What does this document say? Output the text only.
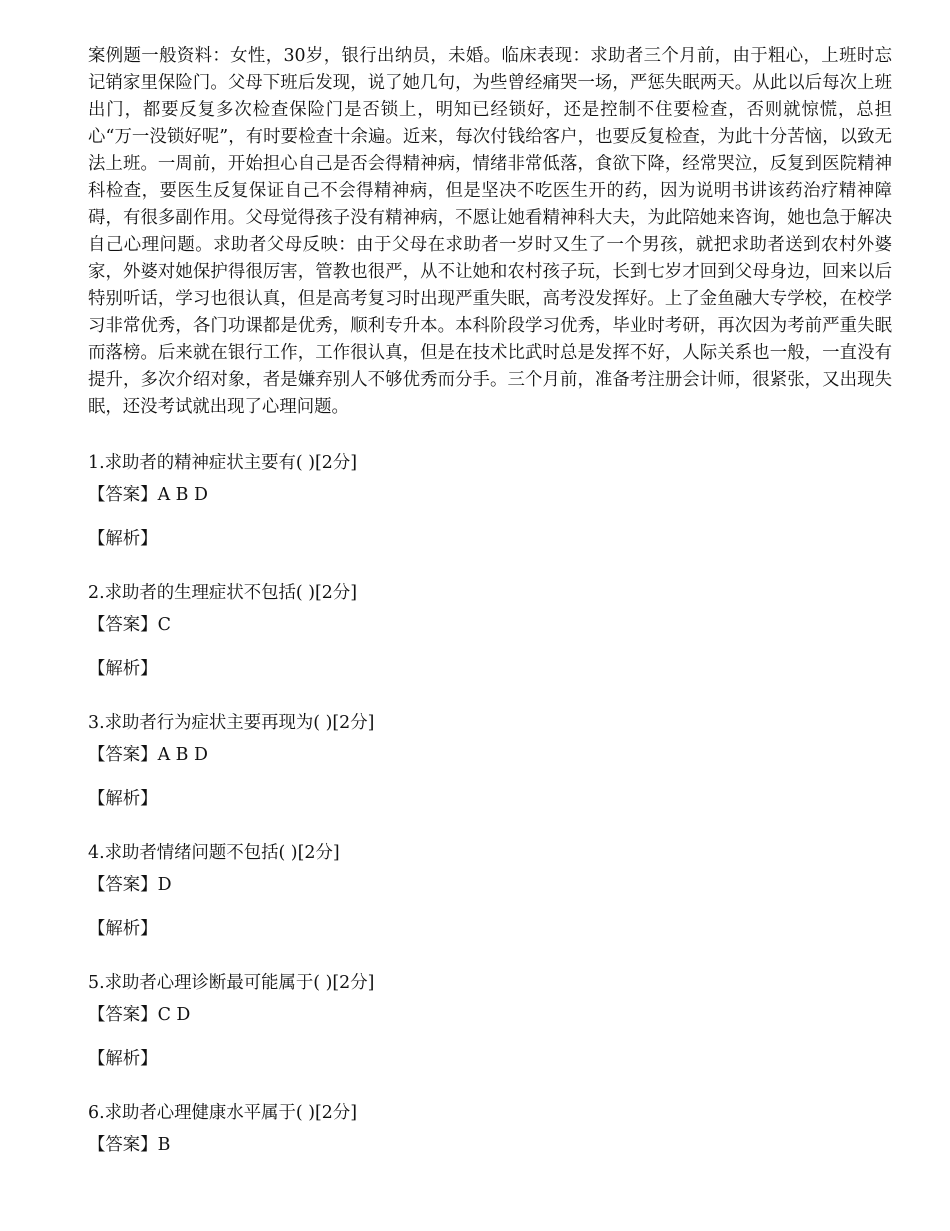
案例题一般资料：女性，30岁，银行出纳员，未婚。临床表现：求助者三个月前，由于粗心，上班时忘记销家里保险门。父母下班后发现，说了她几句，为些曾经痛哭一场，严惩失眠两天。从此以后每次上班出门，都要反复多次检查保险门是否锁上，明知已经锁好，还是控制不住要检查，否则就惊慌，总担心“万一没锁好呢”，有时要检查十余遍。近来，每次付钱给客户，也要反复检查，为此十分苦恼，以致无法上班。一周前，开始担心自己是否会得精神病，情绪非常低落，食欲下降，经常哭泣，反复到医院精神科检查，要医生反复保证自己不会得精神病，但是坚决不吃医生开的药，因为说明书讲该药治疗精神障碍，有很多副作用。父母觉得孩子没有精神病，不愿让她看精神科大夫，为此陪她来咨询，她也急于解决自己心理问题。求助者父母反映：由于父母在求助者一岁时又生了一个男孩，就把求助者送到农村外婆家，外婆对她保护得很厉害，管教也很严，从不让她和农村孩子玩，长到七岁才回到父母身边，回来以后特别听话，学习也很认真，但是高考复习时出现严重失眠，高考没发挥好。上了金鱼融大专学校，在校学习非常优秀，各门功课都是优秀，顺利专升本。本科阶段学习优秀，毕业时考研，再次因为考前严重失眠而落榜。后来就在银行工作，工作很认真，但是在技术比武时总是发挥不好，人际关系也一般，一直没有提升，多次介绍对象，者是嫌弃别人不够优秀而分手。三个月前，准备考注册会计师，很紧张，又出现失眠，还没考试就出现了心理问题。

1.求助者的精神症状主要有( )[2分]
【答案】A B D
【解析】
2.求助者的生理症状不包括( )[2分]
【答案】C
【解析】
3.求助者行为症状主要再现为( )[2分]
【答案】A B D
【解析】
4.求助者情绪问题不包括( )[2分]
【答案】D
【解析】
5.求助者心理诊断最可能属于( )[2分]
【答案】C D
【解析】
6.求助者心理健康水平属于( )[2分]
【答案】B
